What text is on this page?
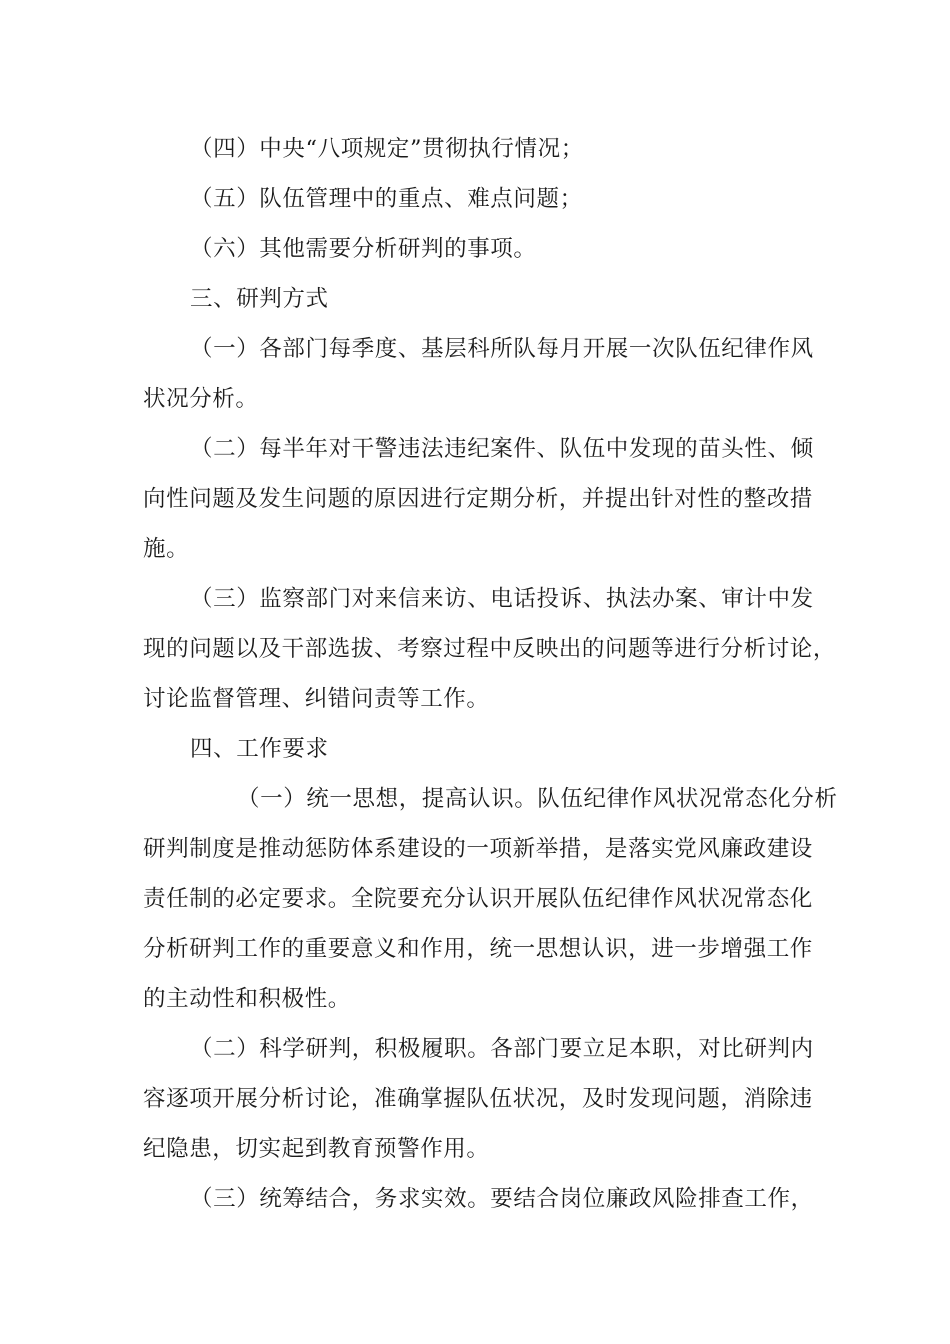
（四）中央“八项规定”贯彻执行情况；
（五）队伍管理中的重点、难点问题；
（六）其他需要分析研判的事项。
三、研判方式
（一）各部门每季度、基层科所队每月开展一次队伍纪律作风
状况分析。
（二）每半年对干警违法违纪案件、队伍中发现的苗头性、倾
向性问题及发生问题的原因进行定期分析，并提出针对性的整改措
施。
（三）监察部门对来信来访、电话投诉、执法办案、审计中发
现的问题以及干部选拔、考察过程中反映出的问题等进行分析讨论，
讨论监督管理、纠错问责等工作。
四、工作要求
（一）统一思想，提高认识。队伍纪律作风状况常态化分析
研判制度是推动惩防体系建设的一项新举措，是落实党风廉政建设
责任制的必定要求。全院要充分认识开展队伍纪律作风状况常态化
分析研判工作的重要意义和作用，统一思想认识，进一步增强工作
的主动性和积极性。
（二）科学研判，积极履职。各部门要立足本职，对比研判内
容逐项开展分析讨论，准确掌握队伍状况，及时发现问题，消除违
纪隐患，切实起到教育预警作用。
（三）统筹结合，务求实效。要结合岗位廉政风险排查工作，
